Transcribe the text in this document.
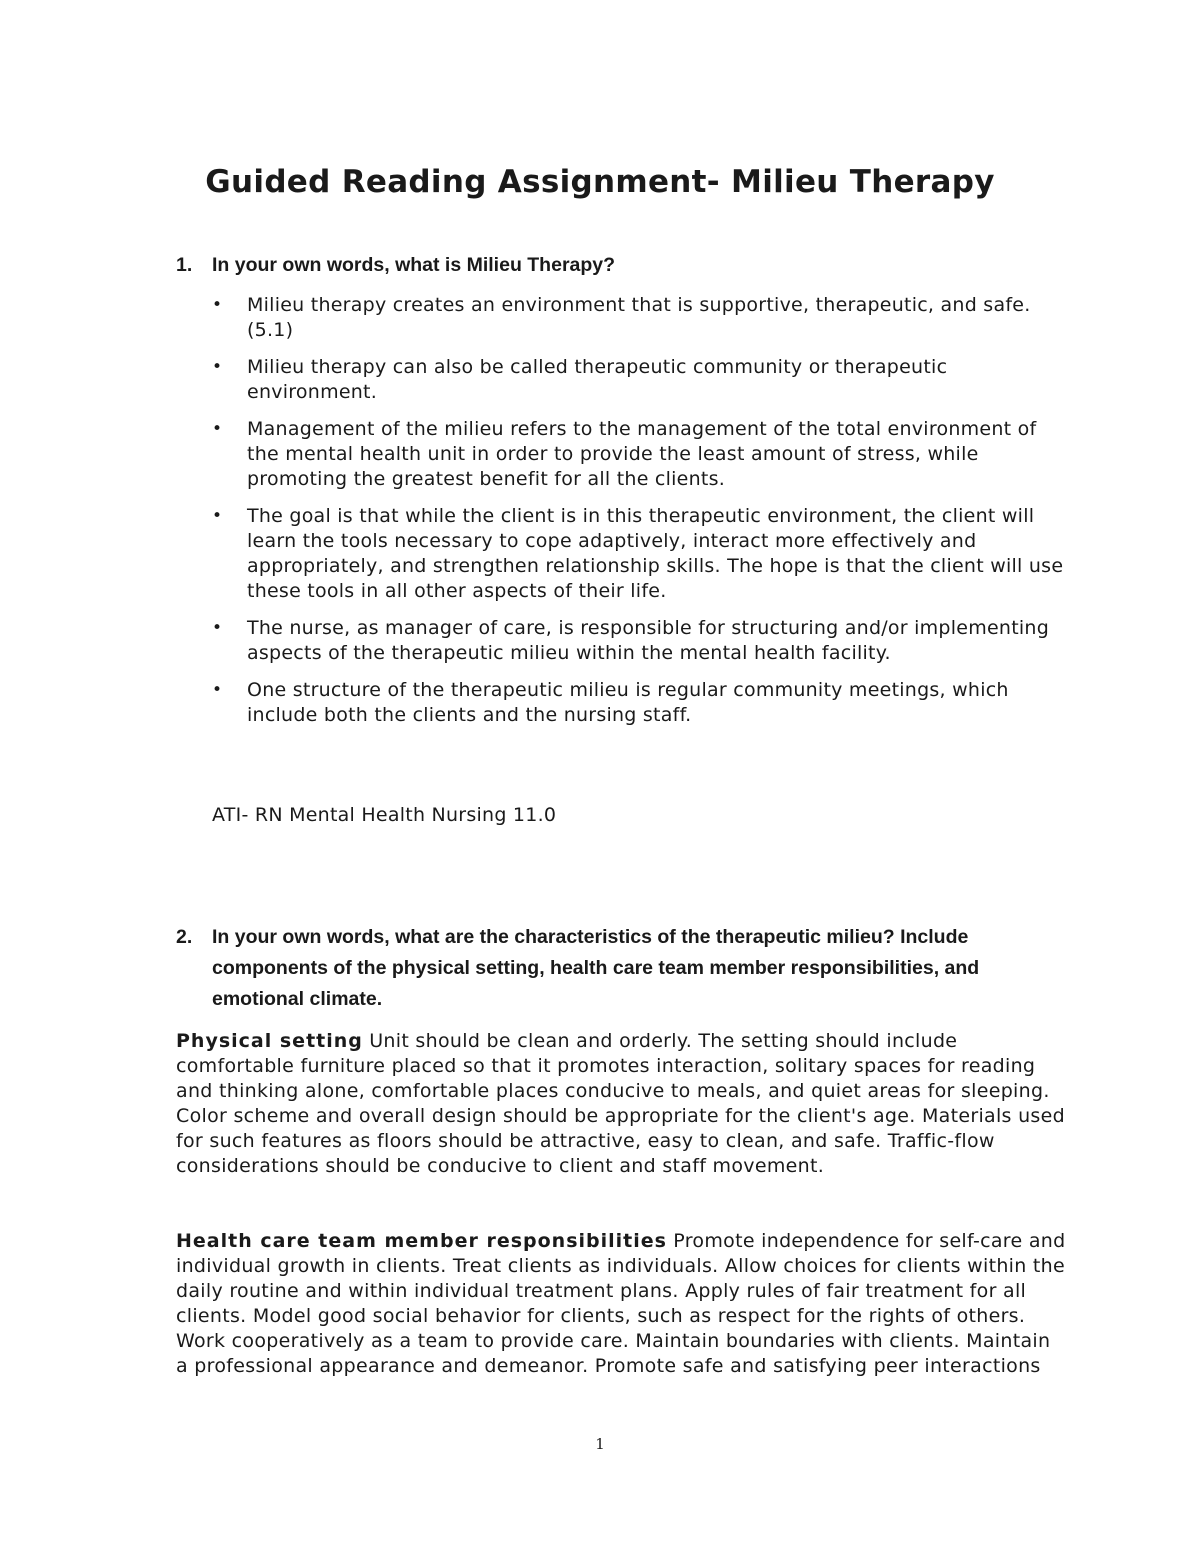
Guided Reading Assignment- Milieu Therapy
1. In your own words, what is Milieu Therapy?
• Milieu therapy creates an environment that is supportive, therapeutic, and safe. (5.1)
• Milieu therapy can also be called therapeutic community or therapeutic environment.
• Management of the milieu refers to the management of the total environment of the mental health unit in order to provide the least amount of stress, while promoting the greatest benefit for all the clients.
• The goal is that while the client is in this therapeutic environment, the client will learn the tools necessary to cope adaptively, interact more effectively and appropriately, and strengthen relationship skills. The hope is that the client will use these tools in all other aspects of their life.
• The nurse, as manager of care, is responsible for structuring and/or implementing aspects of the therapeutic milieu within the mental health facility.
• One structure of the therapeutic milieu is regular community meetings, which include both the clients and the nursing staff.
ATI- RN Mental Health Nursing 11.0
2. In your own words, what are the characteristics of the therapeutic milieu? Include components of the physical setting, health care team member responsibilities, and emotional climate.

Physical setting Unit should be clean and orderly. The setting should include comfortable furniture placed so that it promotes interaction, solitary spaces for reading and thinking alone, comfortable places conducive to meals, and quiet areas for sleeping. Color scheme and overall design should be appropriate for the client's age. Materials used for such features as floors should be attractive, easy to clean, and safe. Traffic-flow considerations should be conducive to client and staff movement.

Health care team member responsibilities Promote independence for self-care and individual growth in clients. Treat clients as individuals. Allow choices for clients within the daily routine and within individual treatment plans. Apply rules of fair treatment for all clients. Model good social behavior for clients, such as respect for the rights of others. Work cooperatively as a team to provide care. Maintain boundaries with clients. Maintain a professional appearance and demeanor. Promote safe and satisfying peer interactions

1
